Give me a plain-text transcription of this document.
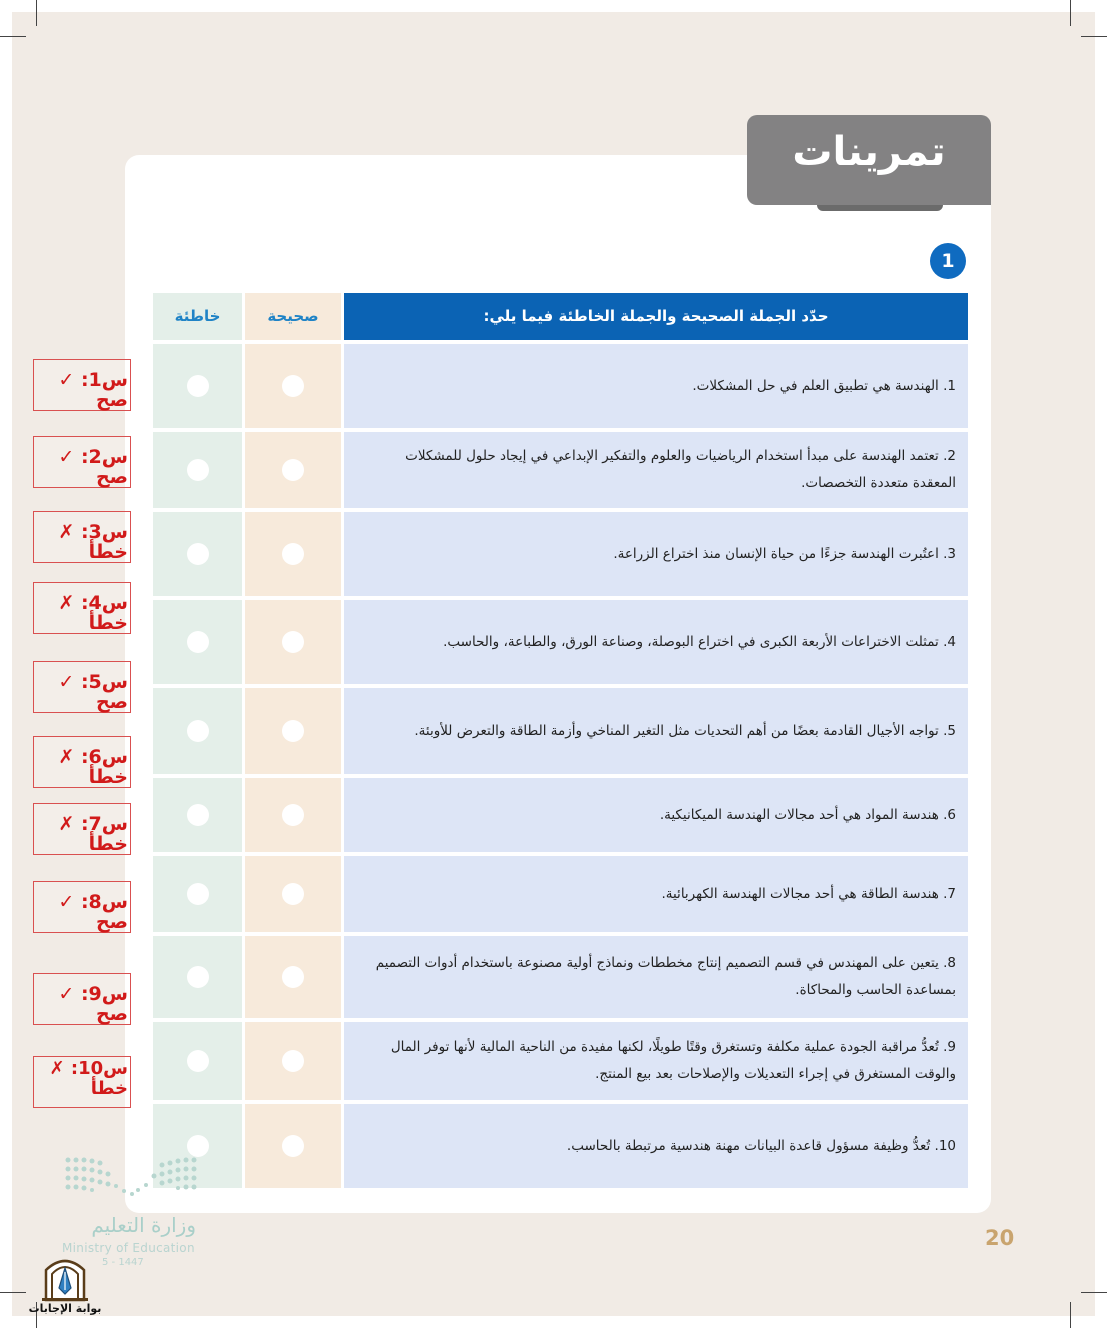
تمرينات
1
خاطئة	صحيحة	حدّد الجملة الصحيحة والجملة الخاطئة فيما يلي:
1. الهندسة هي تطبيق العلم في حل المشكلات.
2. تعتمد الهندسة على مبدأ استخدام الرياضيات والعلوم والتفكير الإبداعي في إيجاد حلول للمشكلات المعقدة متعددة التخصصات.
3. اعتُبرت الهندسة جزءًا من حياة الإنسان منذ اختراع الزراعة.
4. تمثلت الاختراعات الأربعة الكبرى في اختراع البوصلة، وصناعة الورق، والطباعة، والحاسب.
5. تواجه الأجيال القادمة بعضًا من أهم التحديات مثل التغير المناخي وأزمة الطاقة والتعرض للأوبئة.
6. هندسة المواد هي أحد مجالات الهندسة الميكانيكية.
7. هندسة الطاقة هي أحد مجالات الهندسة الكهربائية.
8. يتعين على المهندس في قسم التصميم إنتاج مخططات ونماذج أولية مصنوعة باستخدام أدوات التصميم بمساعدة الحاسب والمحاكاة.
9. تُعدُّ مراقبة الجودة عملية مكلفة وتستغرق وقتًا طويلًا، لكنها مفيدة من الناحية المالية لأنها توفر المال والوقت المستغرق في إجراء التعديلات والإصلاحات بعد بيع المنتج.
10. تُعدُّ وظيفة مسؤول قاعدة البيانات مهنة هندسية مرتبطة بالحاسب.
س1: ✓ صح
س2: ✓ صح
س3: ✗ خطأ
س4: ✗ خطأ
س5: ✓ صح
س6: ✗ خطأ
س7: ✗ خطأ
س8: ✓ صح
س9: ✓ صح
س10: ✗ خطأ
20
وزارة التعليم
Ministry of Education
5 - 1447
بوابة الإجابات
